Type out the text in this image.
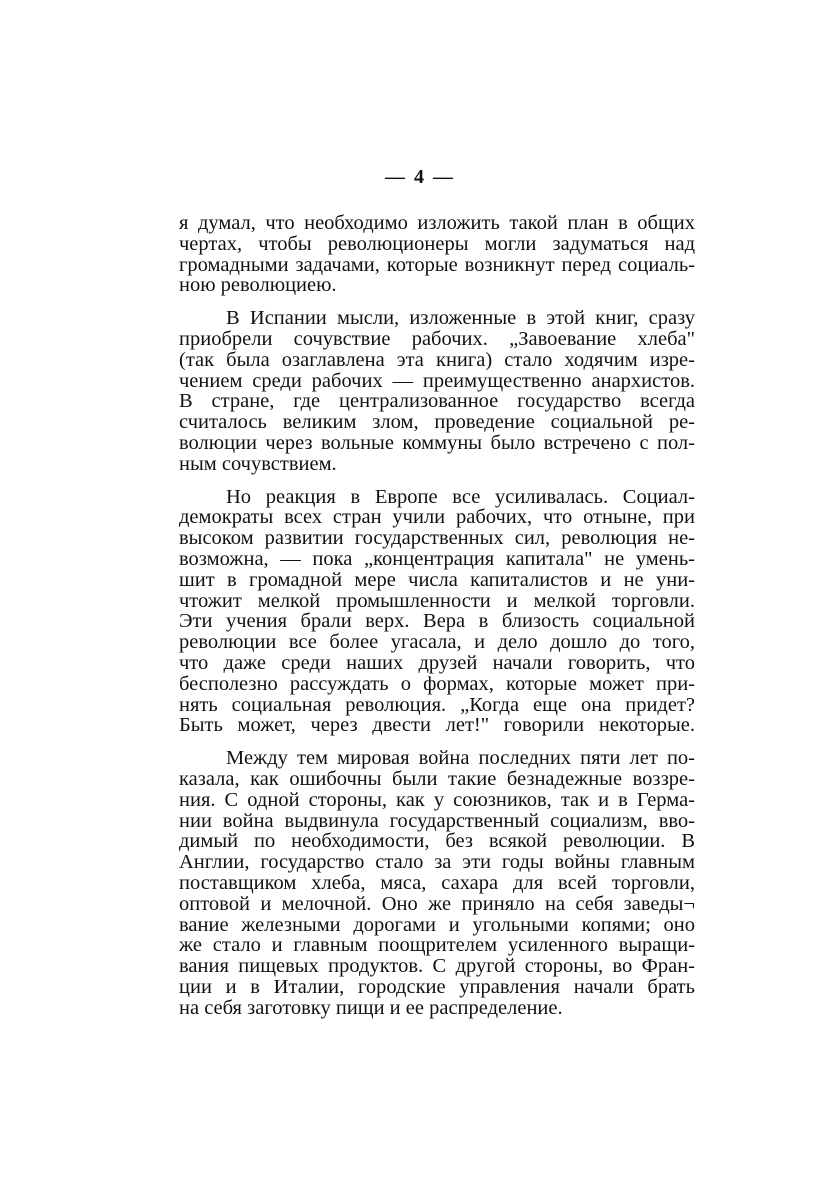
— 4 —
я думал, что необходимо изложить такой план в общих
чертах, чтобы революционеры могли задуматься над
громадными задачами, которые возникнут перед социаль-
ною революциею.
В Испании мысли, изложенные в этой книг, сразу
приобрели сочувствие рабочих. „Завоевание хлеба"
(так была озаглавлена эта книга) стало ходячим изре-
чением среди рабочих — преимущественно анархистов.
В стране, где централизованное государство всегда
считалось великим злом, проведение социальной ре-
волюции через вольные коммуны было встречено с пол-
ным сочувствием.
Но реакция в Европе все усиливалась. Социал-
демократы всех стран учили рабочих, что отныне, при
высоком развитии государственных сил, революция не-
возможна, — пока „концентрация капитала" не умень-
шит в громадной мере числа капиталистов и не уни-
чтожит мелкой промышленности и мелкой торговли.
Эти учения брали верх. Вера в близость социальной
революции все более угасала, и дело дошло до того,
что даже среди наших друзей начали говорить, что
бесполезно рассуждать о формах, которые может при-
нять социальная революция. „Когда еще она придет?
Быть может, через двести лет!" говорили некоторые.
Между тем мировая война последних пяти лет по-
казала, как ошибочны были такие безнадежные воззре-
ния. С одной стороны, как у союзников, так и в Герма-
нии война выдвинула государственный социализм, вво-
димый по необходимости, без всякой революции. В
Англии, государство стало за эти годы войны главным
поставщиком хлеба, мяса, сахара для всей торговли,
оптовой и мелочной. Оно же приняло на себя заведы¬
вание железными дорогами и угольными копями; оно
же стало и главным поощрителем усиленного выращи-
вания пищевых продуктов. С другой стороны, во Фран-
ции и в Италии, городские управления начали брать
на себя заготовку пищи и ее распределение.
